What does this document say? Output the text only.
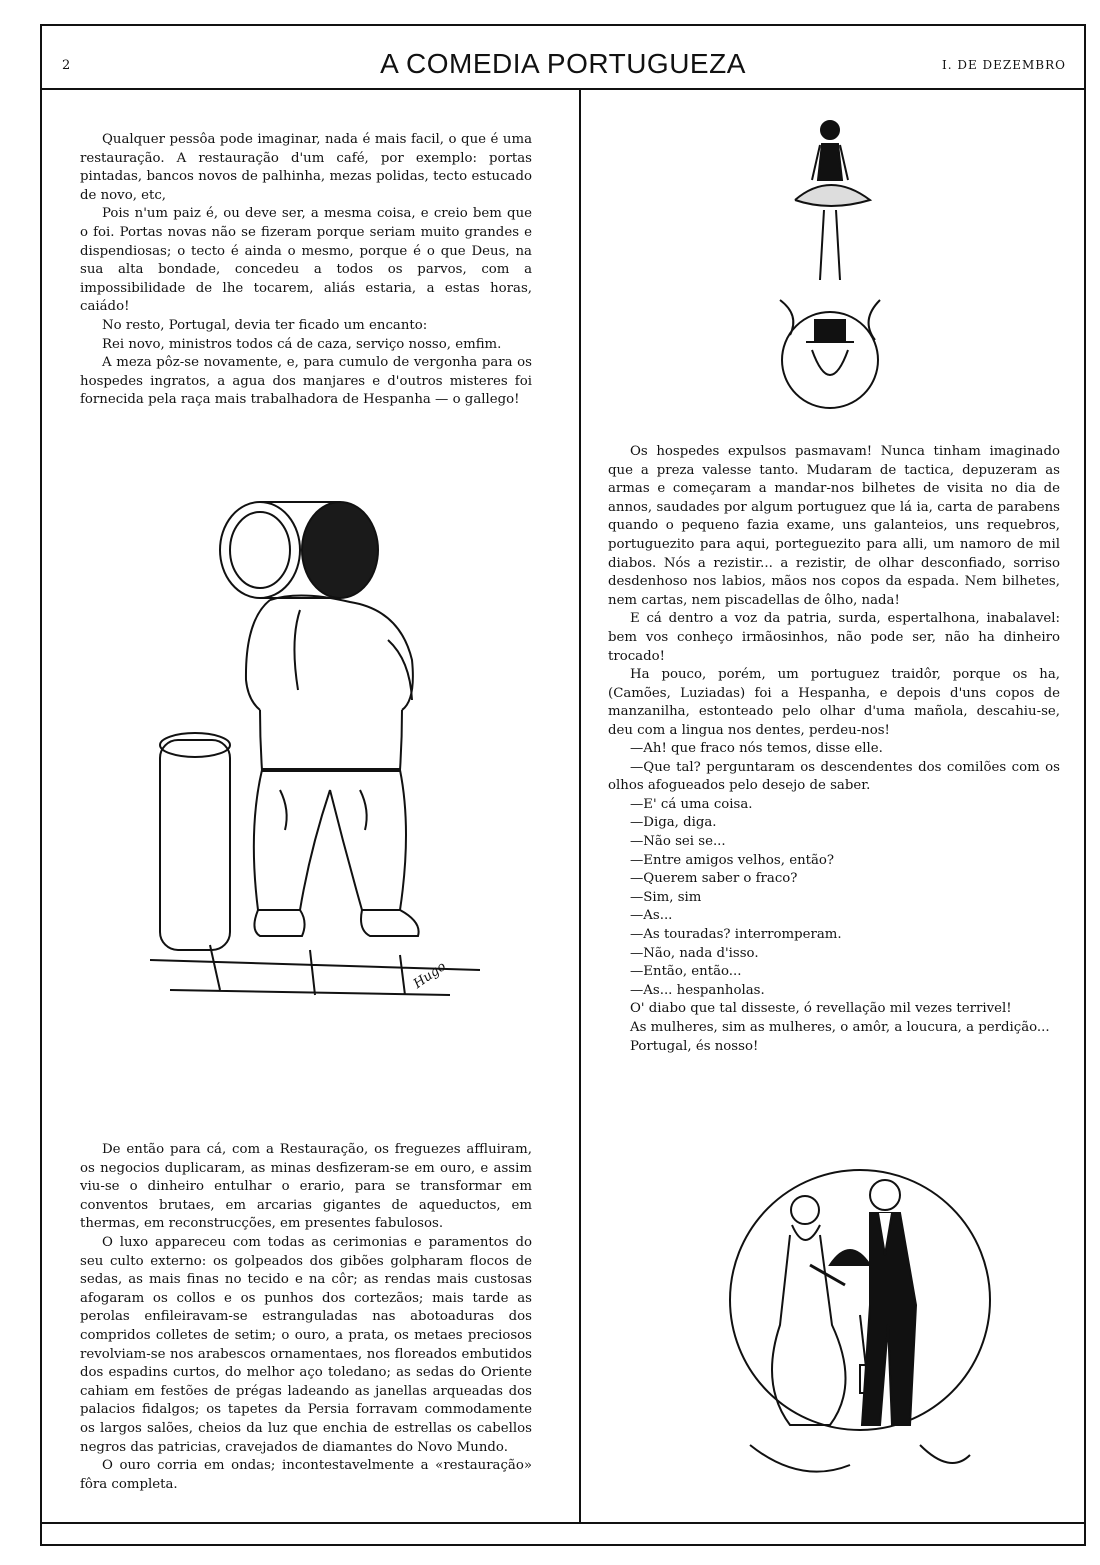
2	A COMEDIA PORTUGUEZA	I. DE DEZEMBRO

Qualquer pessôa pode imaginar, nada é mais facil, o que é uma restauração. A restauração d'um café, por exemplo: portas pintadas, bancos novos de palhinha, mezas polidas, tecto estucado de novo, etc,

Pois n'um paiz é, ou deve ser, a mesma coisa, e creio bem que o foi. Portas novas não se fizeram porque seriam muito grandes e dispendiosas; o tecto é ainda o mesmo, porque é o que Deus, na sua alta bondade, concedeu a todos os parvos, com a impossibilidade de lhe tocarem, aliás estaria, a estas horas, caiádo!

No resto, Portugal, devia ter ficado um encanto:

Rei novo, ministros todos cá de caza, serviço nosso, emfim.

A meza pôz-se novamente, e, para cumulo de vergonha para os hospedes ingratos, a agua dos manjares e d'outros misteres foi fornecida pela raça mais trabalhadora de Hespanha — o gallego!

Hugo

De então para cá, com a Restauração, os freguezes affluiram, os negocios duplicaram, as minas desfizeram-se em ouro, e assim viu-se o dinheiro entulhar o erario, para se transformar em conventos brutaes, em arcarias gigantes de aqueductos, em thermas, em reconstrucções, em presentes fabulosos.

O luxo appareceu com todas as cerimonias e paramentos do seu culto externo: os golpeados dos gibões golpharam flocos de sedas, as mais finas no tecido e na côr; as rendas mais custosas afogaram os collos e os punhos dos cortezãos; mais tarde as perolas enfileiravam-se estranguladas nas abotoaduras dos compridos colletes de setim; o ouro, a prata, os metaes preciosos revolviam-se nos arabescos ornamentaes, nos floreados embutidos dos espadins curtos, do melhor aço toledano; as sedas do Oriente cahiam em festões de prégas ladeando as janellas arqueadas dos palacios fidalgos; os tapetes da Persia forravam commodamente os largos salões, cheios da luz que enchia de estrellas os cabellos negros das patricias, cravejados de diamantes do Novo Mundo.

O ouro corria em ondas; incontestavelmente a «restauração» fôra completa.

Os hospedes expulsos pasmavam! Nunca tinham imaginado que a preza valesse tanto. Mudaram de tactica, depuzeram as armas e começaram a mandar-nos bilhetes de visita no dia de annos, saudades por algum portuguez que lá ia, carta de parabens quando o pequeno fazia exame, uns galanteios, uns requebros, portuguezito para aqui, porteguezito para alli, um namoro de mil diabos. Nós a rezistir... a rezistir, de olhar desconfiado, sorriso desdenhoso nos labios, mãos nos copos da espada. Nem bilhetes, nem cartas, nem piscadellas de ôlho, nada!

E cá dentro a voz da patria, surda, espertalhona, inabalavel: bem vos conheço irmãosinhos, não pode ser, não ha dinheiro trocado!

Ha pouco, porém, um portuguez traidôr, porque os ha, (Camões, Luziadas) foi a Hespanha, e depois d'uns copos de manzanilha, estonteado pelo olhar d'uma mañola, descahiu-se, deu com a lingua nos dentes, perdeu-nos!

—Ah! que fraco nós temos, disse elle.

—Que tal? perguntaram os descendentes dos comilões com os olhos afogueados pelo desejo de saber.

—E' cá uma coisa.

—Diga, diga.

—Não sei se...

—Entre amigos velhos, então?

—Querem saber o fraco?

—Sim, sim

—As...

—As touradas? interromperam.

—Não, nada d'isso.

—Então, então...

—As... hespanholas.

O' diabo que tal disseste, ó revellação mil vezes terrivel!

As mulheres, sim as mulheres, o amôr, a loucura, a perdição...

Portugal, és nosso!
